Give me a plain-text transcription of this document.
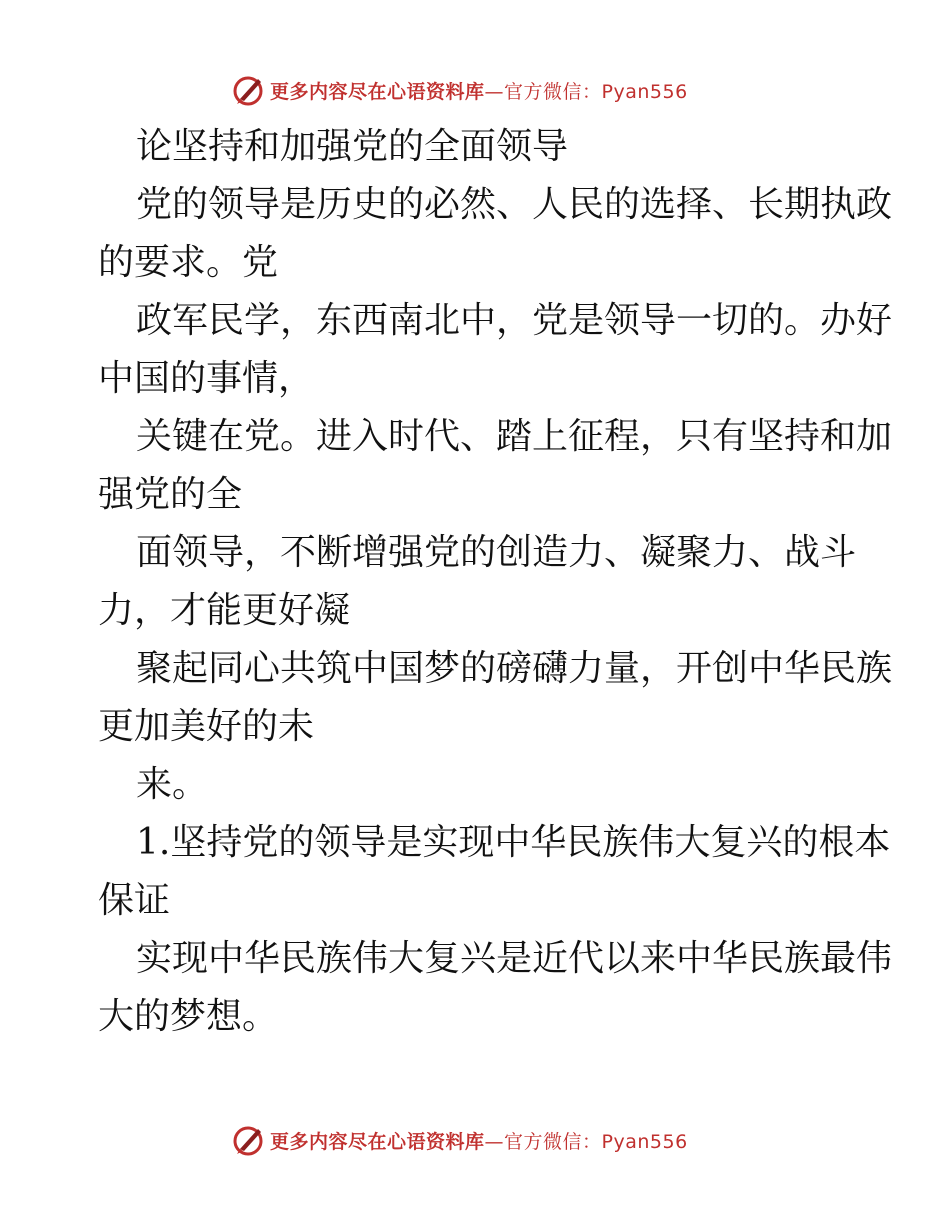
更多内容尽在心语资料库—官方微信：Pyan556

论坚持和加强党的全面领导

党的领导是历史的必然、人民的选择、长期执政

的要求。党

政军民学，东西南北中，党是领导一切的。办好

中国的事情，

关键在党。进入时代、踏上征程，只有坚持和加

强党的全

面领导，不断增强党的创造力、凝聚力、战斗

力，才能更好凝

聚起同心共筑中国梦的磅礴力量，开创中华民族

更加美好的未

来。

1.坚持党的领导是实现中华民族伟大复兴的根本

保证

实现中华民族伟大复兴是近代以来中华民族最伟

大的梦想。

更多内容尽在心语资料库—官方微信：Pyan556
